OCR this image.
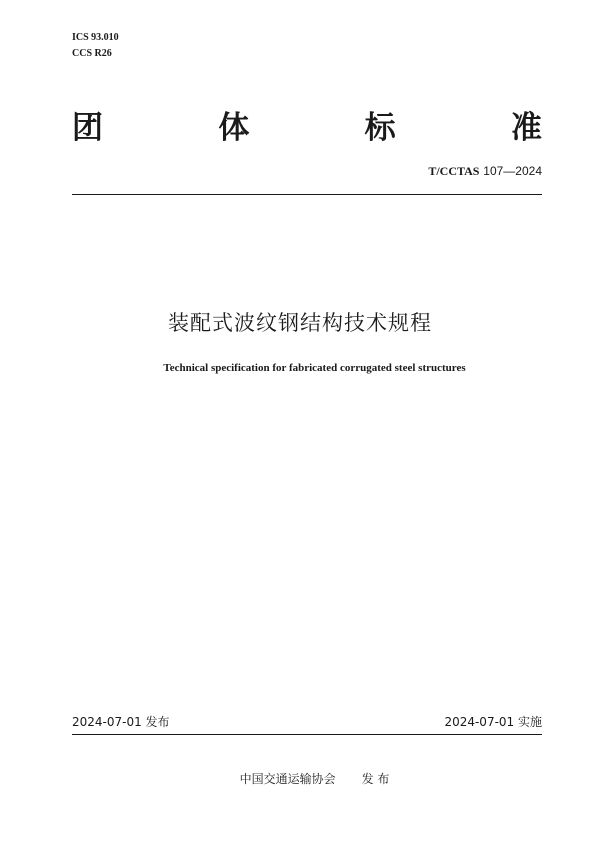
ICS 93.010
CCS R26
团	体	标	准
T/CCTAS 107—2024
装配式波纹钢结构技术规程
Technical specification for fabricated corrugated steel structures
2024-07-01 发布	2024-07-01 实施
中国交通运输协会 发 布
